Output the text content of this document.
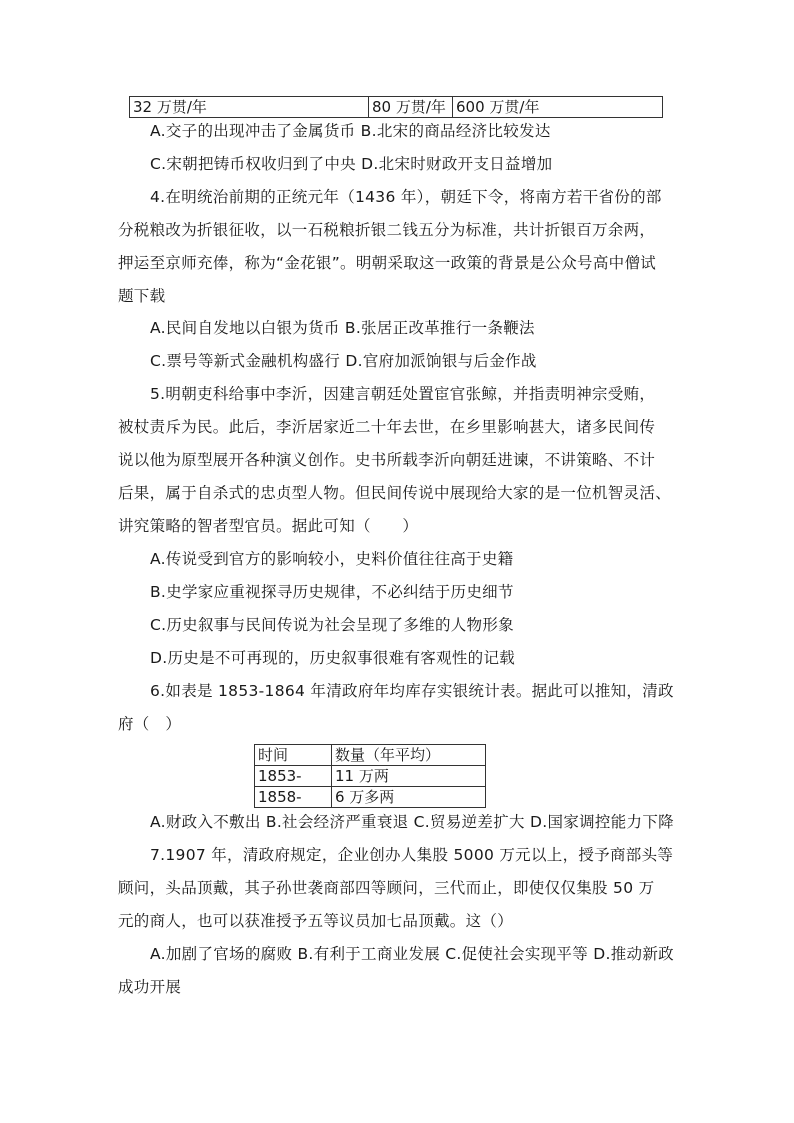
32 万贯/年	80 万贯/年	600 万贯/年
A.交子的出现冲击了金属货币 B.北宋的商品经济比较发达
C.宋朝把铸币权收归到了中央 D.北宋时财政开支日益增加
4.在明统治前期的正统元年（1436 年），朝廷下令，将南方若干省份的部
分税粮改为折银征收，以一石税粮折银二钱五分为标准，共计折银百万余两，
押运至京师充俸，称为“金花银”。明朝采取这一政策的背景是公众号高中僧试
题下载
A.民间自发地以白银为货币 B.张居正改革推行一条鞭法
C.票号等新式金融机构盛行 D.官府加派饷银与后金作战
5.明朝吏科给事中李沂，因建言朝廷处置宦官张鲸，并指责明神宗受贿，
被杖责斥为民。此后，李沂居家近二十年去世，在乡里影响甚大，诸多民间传
说以他为原型展开各种演义创作。史书所载李沂向朝廷进谏，不讲策略、不计
后果，属于自杀式的忠贞型人物。但民间传说中展现给大家的是一位机智灵活、
讲究策略的智者型官员。据此可知（　　）
A.传说受到官方的影响较小，史料价值往往高于史籍
B.史学家应重视探寻历史规律，不必纠结于历史细节
C.历史叙事与民间传说为社会呈现了多维的人物形象
D.历史是不可再现的，历史叙事很难有客观性的记载
6.如表是 1853-1864 年清政府年均库存实银统计表。据此可以推知，清政
府（　）
时间	数量（年平均）
1853-	11 万两
1858-	6 万多两
A.财政入不敷出 B.社会经济严重衰退 C.贸易逆差扩大 D.国家调控能力下降
7.1907 年，清政府规定，企业创办人集股 5000 万元以上，授予商部头等
顾问，头品顶戴，其子孙世袭商部四等顾问，三代而止，即使仅仅集股 50 万
元的商人，也可以获准授予五等议员加七品顶戴。这（）
A.加剧了官场的腐败 B.有利于工商业发展 C.促使社会实现平等 D.推动新政
成功开展
